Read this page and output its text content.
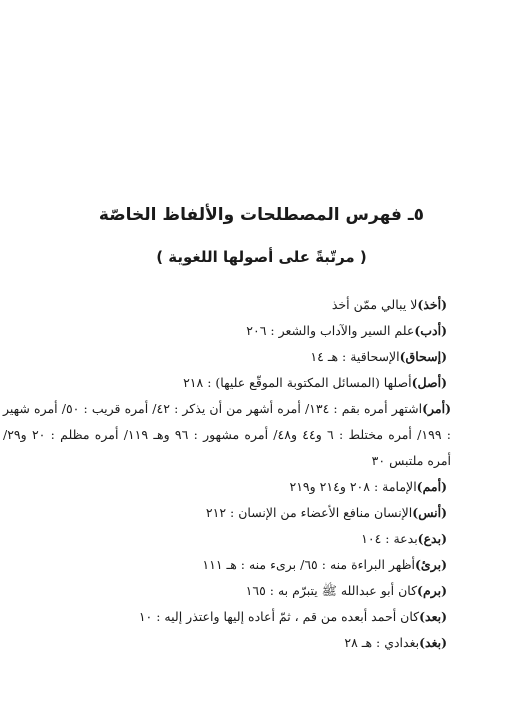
٥ـ فهرس المصطلحات والألفاظ الخاصّة
( مرتّبةً على أصولها اللغوية )
(أخذ)لا يبالي ممّن أخذ
(أدب)علم السير والآداب والشعر : ٢٠٦
(إسحاق)الإسحاقية : هـ ١٤
(أصل)أصلها (المسائل المكتوبة الموقّع عليها) : ٢١٨
(أمر)اشتهر أمره بقم : ١٣٤/ أمره أشهر من أن يذكر : ٤٢/ أمره قريب : ٥٠/ أمره شهير : ١٩٩/ أمره مختلط : ٦ و٤٤ و٤٨/ أمره مشهور : ٩٦ وهـ ١١٩/ أمره مظلم : ٢٠ و٢٩/ أمره ملتبس ٣٠
(أمم)الإمامة : ٢٠٨ و٢١٤ و٢١٩
(أنس)الإنسان منافع الأعضاء من الإنسان : ٢١٢
(بدع)بدعة : ١٠٤
(برئ)أظهر البراءة منه : ٦٥/ برىء منه : هـ ١١١
(برم)كان أبو عبدالله ﷺ يتبرّم به : ١٦٥
(بعد)كان أحمد أبعده من قم ، ثمّ أعاده إليها واعتذر إليه : ١٠
(بغد)بغدادي : هـ ٢٨
